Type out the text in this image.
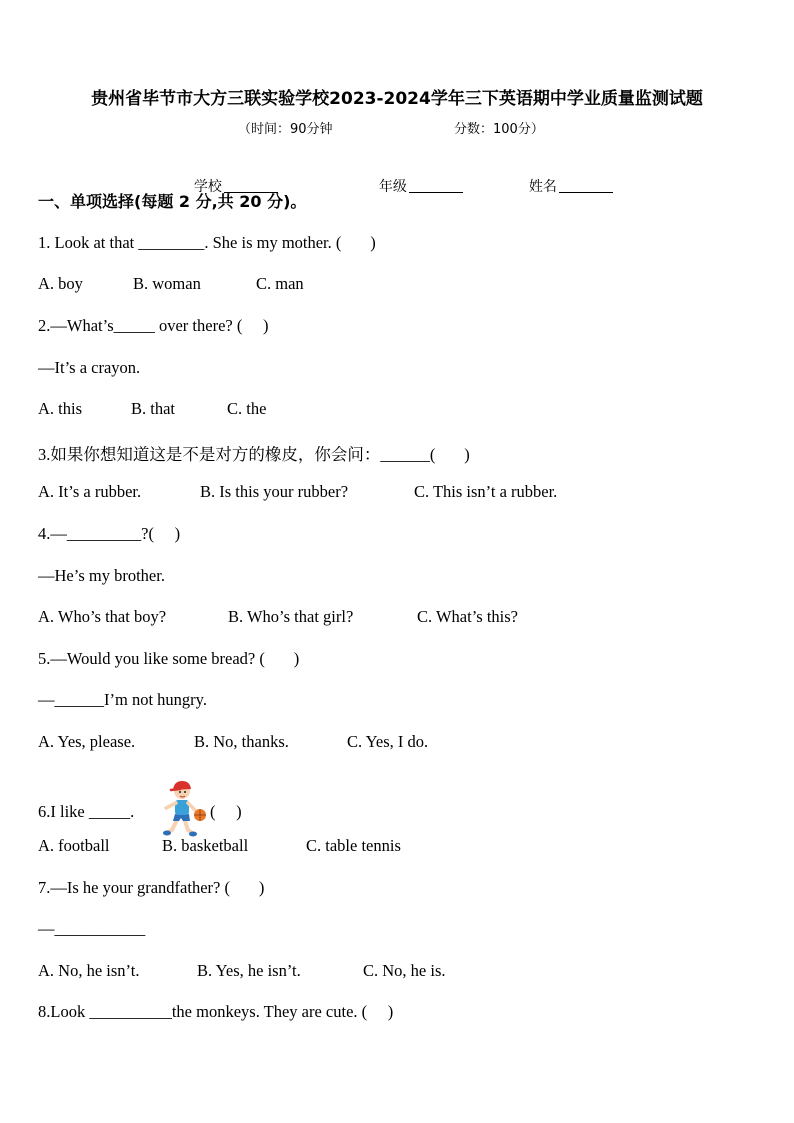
贵州省毕节市大方三联实验学校2023-2024学年三下英语期中学业质量监测试题
（时间：90分钟	分数：100分）

学校	年级	姓名

一、单项选择(每题 2 分,共 20 分)。
1. Look at that ________. She is my mother. (       )
A. boy	B. woman	C. man
2.—What’s_____ over there? (     )
—It’s a crayon.
A. this	B. that	C. the
3.如果你想知道这是不是对方的橡皮，你会问：______(       )
A. It’s a rubber.	B. Is this your rubber?	C. This isn’t a rubber.
4.—_________?(     )
—He’s my brother.
A. Who’s that boy?	B. Who’s that girl?	C. What’s this?
5.—Would you like some bread? (       )
—______I’m not hungry.
A. Yes, please.	B. No, thanks.	C. Yes, I do.
6.I like _____.

	(     )
A. football	B. basketball	C. table tennis
7.—Is he your grandfather? (       )
—___________
A. No, he isn’t.	B. Yes, he isn’t.	C. No, he is.
8.Look __________the monkeys. They are cute. (     )
